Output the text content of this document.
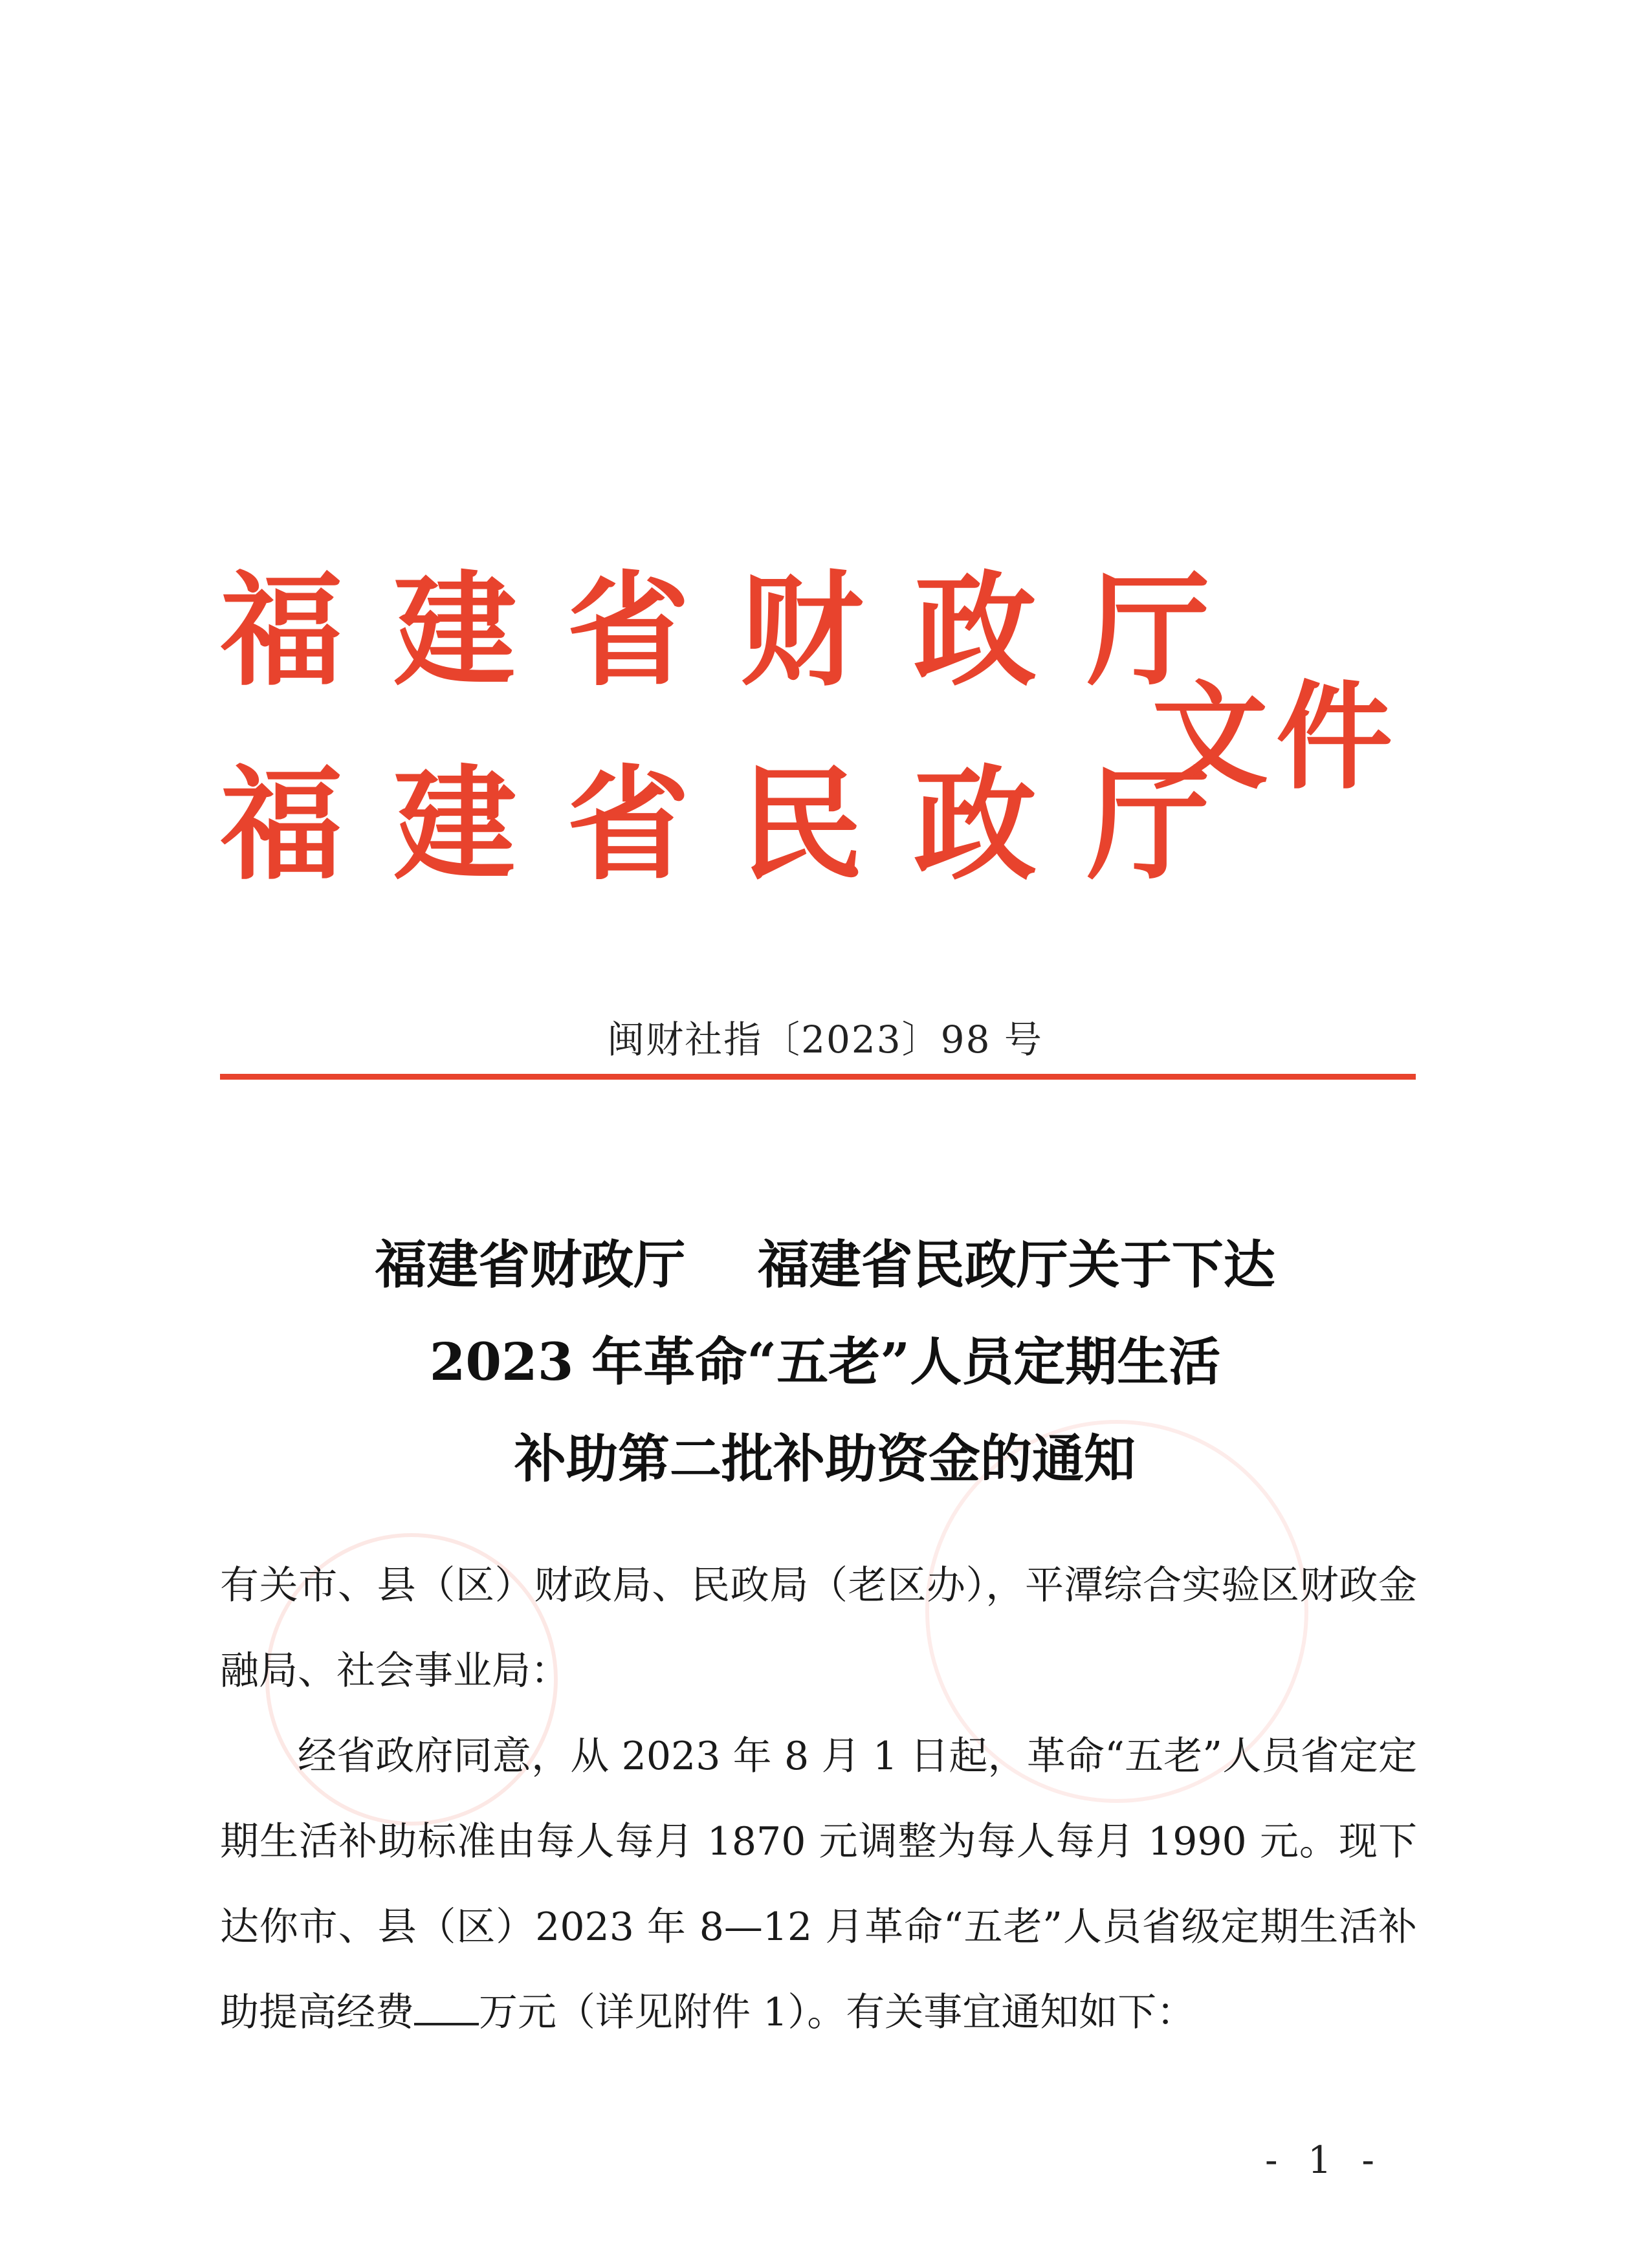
福建省财政厅
福建省民政厅
文件
闽财社指〔2023〕98 号
福建省财政厅    福建省民政厅关于下达
2023 年革命“五老”人员定期生活
补助第二批补助资金的通知

有关市、县（区）财政局、民政局（老区办），平潭综合实验区财政金融局、社会事业局：

经省政府同意，从 2023 年 8 月 1 日起，革命“五老”人员省定定期生活补助标准由每人每月 1870 元调整为每人每月 1990 元。现下达你市、县（区）2023 年 8—12 月革命“五老”人员省级定期生活补助提高经费 万元（详见附件 1）。有关事宜通知如下：

- 1 -
